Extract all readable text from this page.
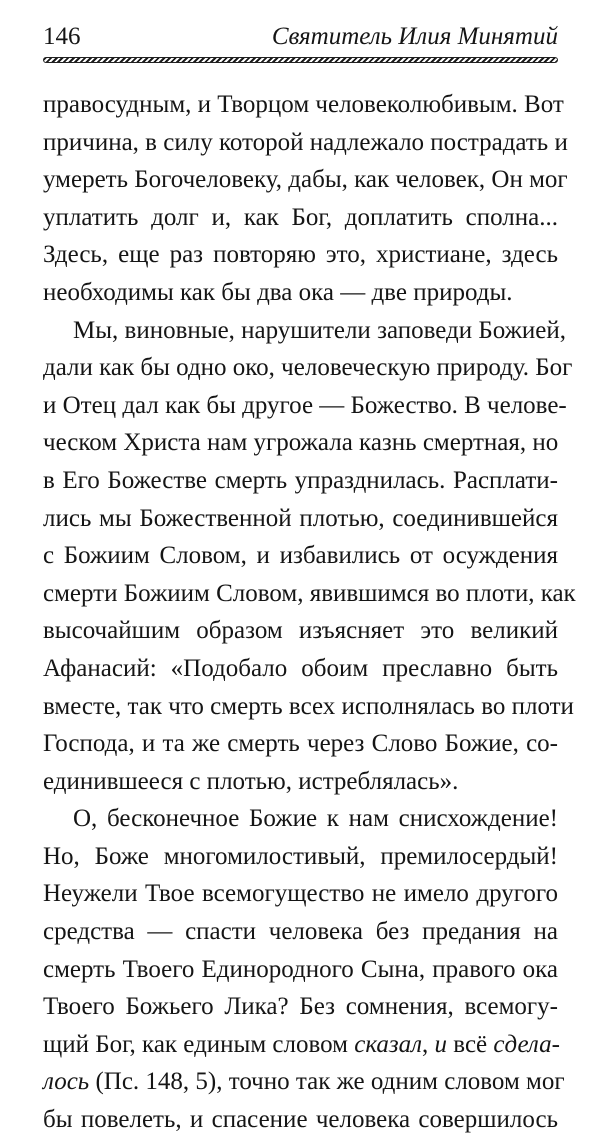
146	Святитель Илия Минятий
правосудным, и Творцом человеколюбивым. Вот
причина, в силу которой надлежало пострадать и
умереть Богочеловеку, дабы, как человек, Он мог
уплатить долг и, как Бог, доплатить сполна...
Здесь, еще раз повторяю это, христиане, здесь
необходимы как бы два ока — две природы.
Мы, виновные, нарушители заповеди Божией,
дали как бы одно око, человеческую природу. Бог
и Отец дал как бы другое — Божество. В челове-
ческом Христа нам угрожала казнь смертная, но
в Его Божестве смерть упразднилась. Расплати-
лись мы Божественной плотью, соединившейся
с Божиим Словом, и избавились от осуждения
смерти Божиим Словом, явившимся во плоти, как
высочайшим образом изъясняет это великий
Афанасий: «Подобало обоим преславно быть
вместе, так что смерть всех исполнялась во плоти
Господа, и та же смерть через Слово Божие, со-
единившееся с плотью, истреблялась».
О, бесконечное Божие к нам снисхождение!
Но, Боже многомилостивый, премилосердый!
Неужели Твое всемогущество не имело другого
средства — спасти человека без предания на
смерть Твоего Единородного Сына, правого ока
Твоего Божьего Лика? Без сомнения, всемогу-
щий Бог, как единым словом сказал, и всё сдела-
лось (Пс. 148, 5), точно так же одним словом мог
бы повелеть, и спасение человека совершилось
